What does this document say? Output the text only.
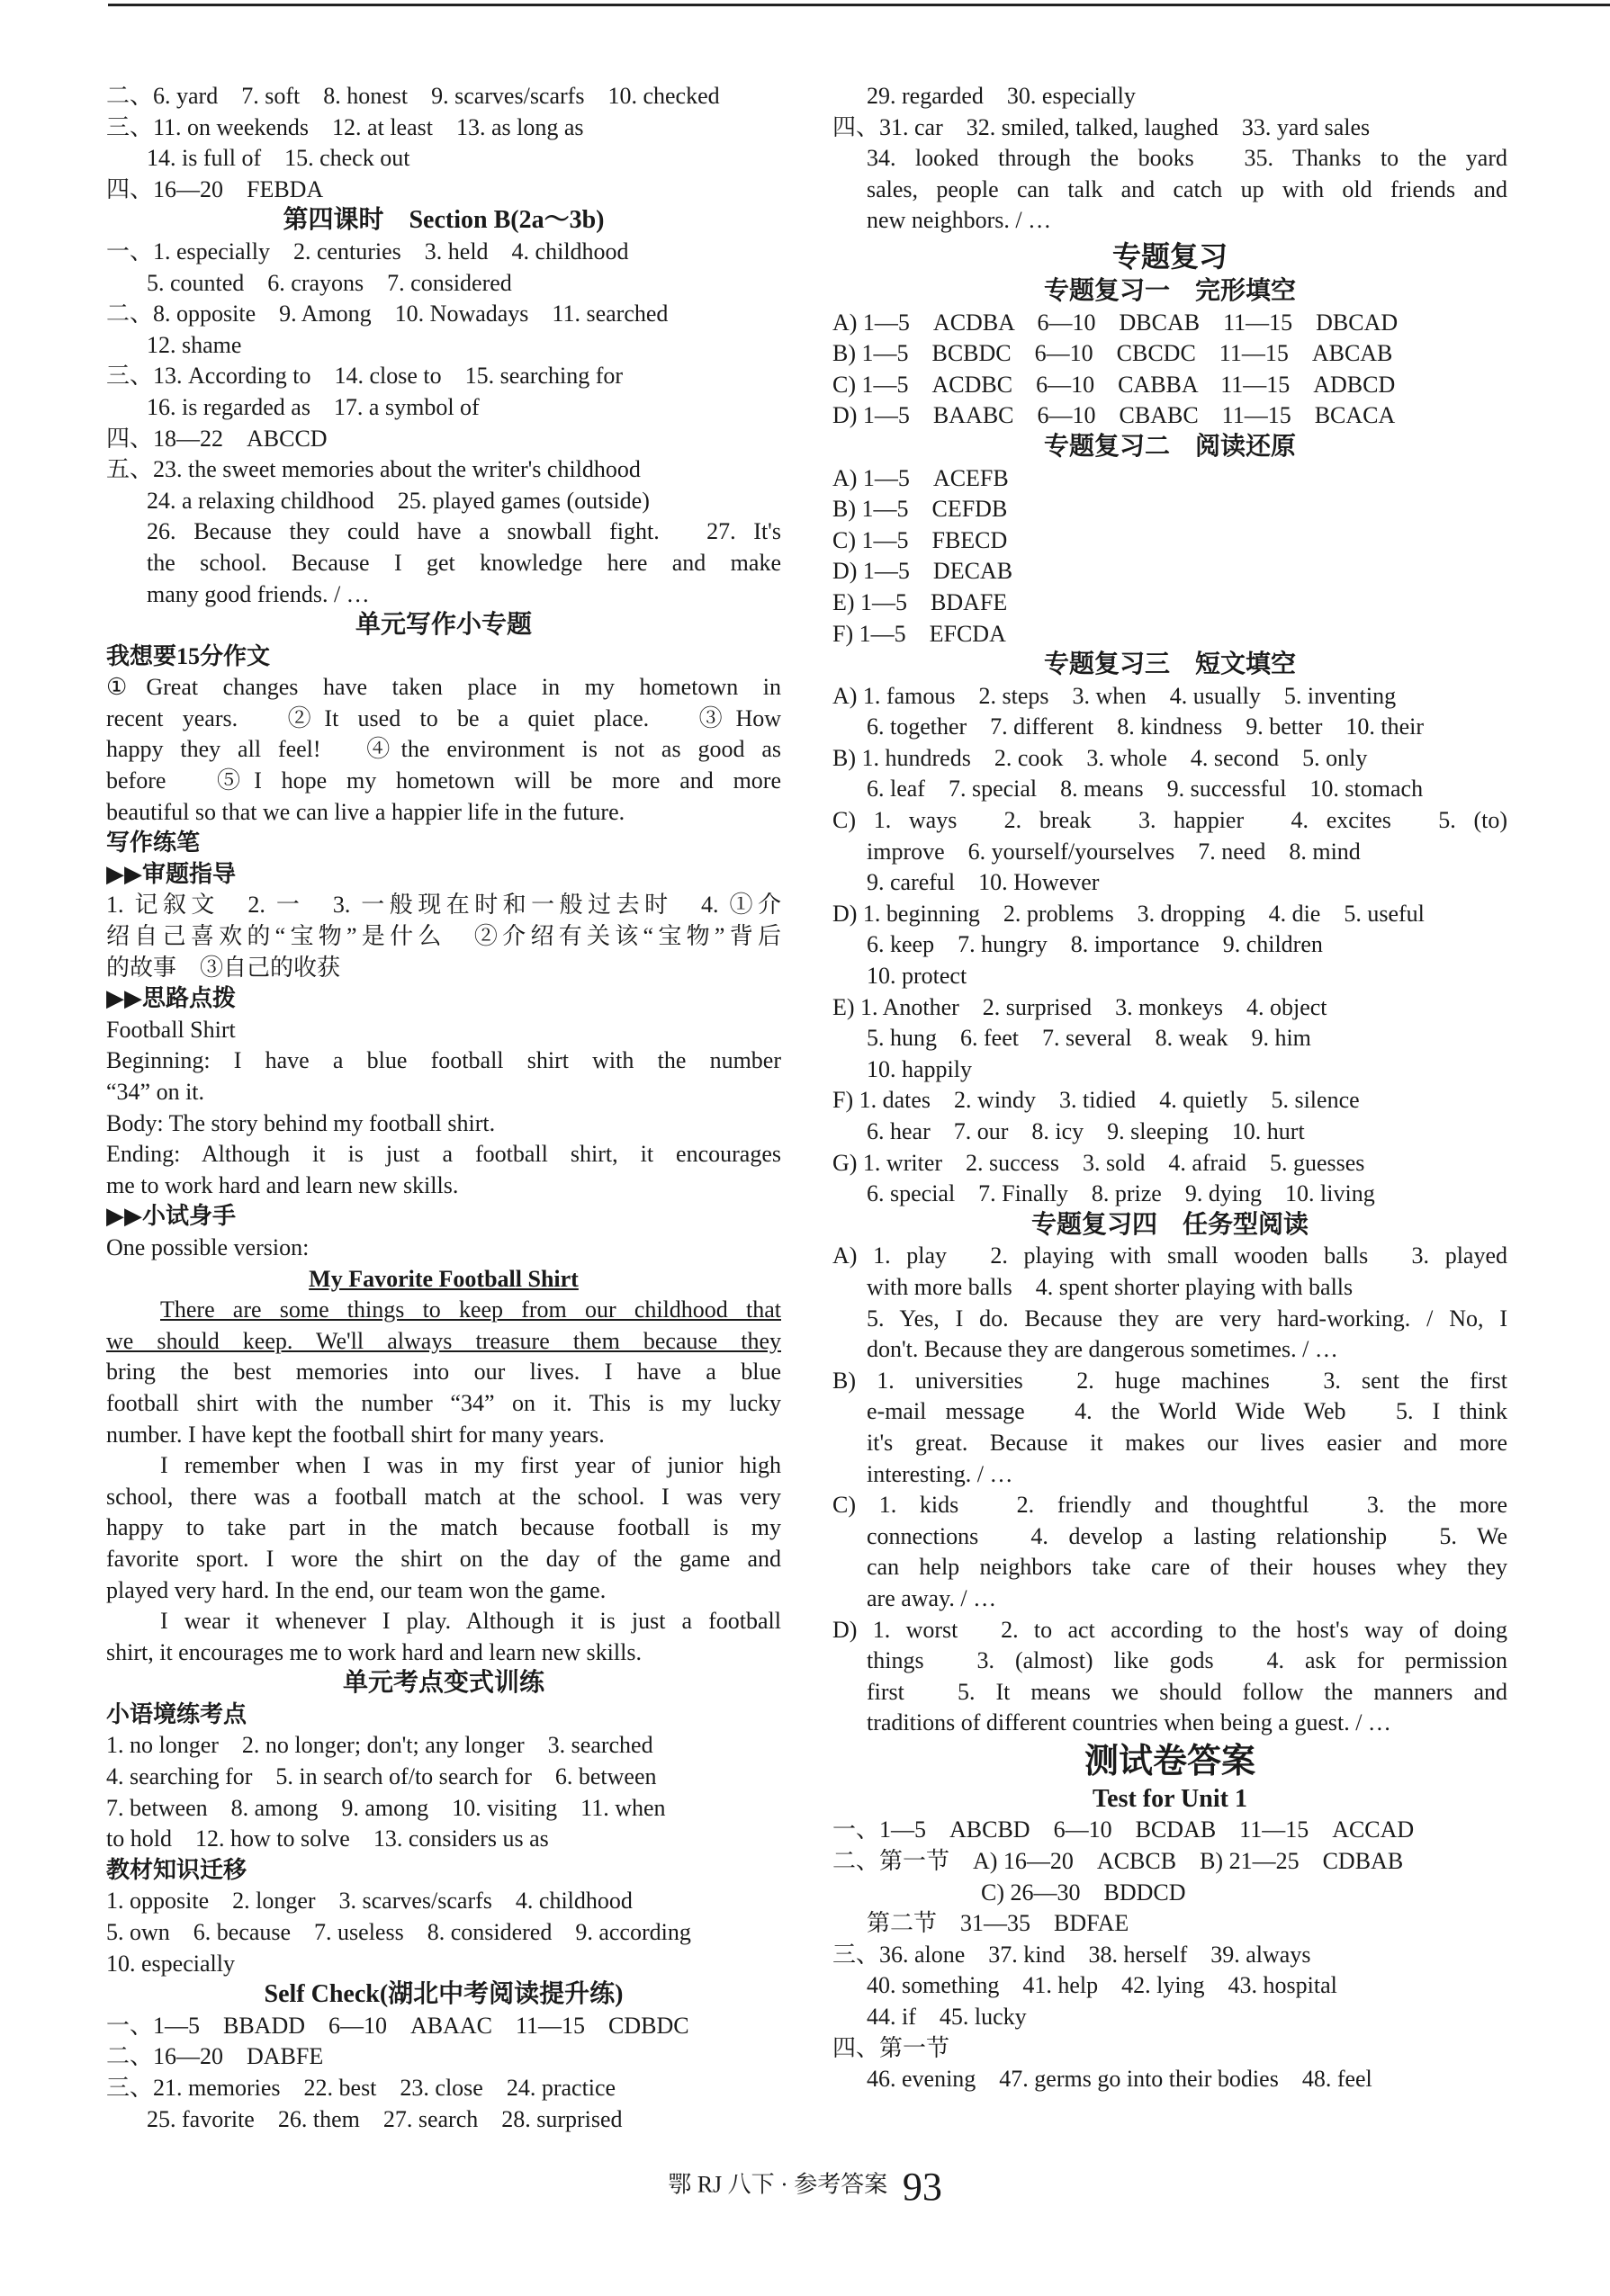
二、6. yard　7. soft　8. honest　9. scarves/scarfs　10. checked
三、11. on weekends　12. at least　13. as long as
14. is full of　15. check out
四、16—20　FEBDA
第四课时　Section B(2a～3b)
一、1. especially　2. centuries　3. held　4. childhood
5. counted　6. crayons　7. considered
二、8. opposite　9. Among　10. Nowadays　11. searched
12. shame
三、13. According to　14. close to　15. searching for
16. is regarded as　17. a symbol of
四、18—22　ABCCD
五、23. the sweet memories about the writer's childhood
24. a relaxing childhood　25. played games (outside)
26. Because they could have a snowball fight.　27. It's
the school. Because I get knowledge here and make
many good friends. / …
单元写作小专题
我想要15分作文
①Great changes have taken place in my hometown in
recent years.　②It used to be a quiet place.　③How
happy they all feel!　④the environment is not as good as
before　⑤I hope my hometown will be more and more
beautiful so that we can live a happier life in the future.
写作练笔
▶▶审题指导
1. 记叙文　2. 一　3. 一般现在时和一般过去时　4. ①介
绍自己喜欢的“宝物”是什么　②介绍有关该“宝物”背后
的故事　③自己的收获
▶▶思路点拨
Football Shirt
Beginning: I have a blue football shirt with the number
“34” on it.
Body: The story behind my football shirt.
Ending: Although it is just a football shirt, it encourages
me to work hard and learn new skills.
▶▶小试身手
One possible version:
My Favorite Football Shirt
There are some things to keep from our childhood that
we should keep. We'll always treasure them because they
bring the best memories into our lives. I have a blue
football shirt with the number “34” on it. This is my lucky
number. I have kept the football shirt for many years.
I remember when I was in my first year of junior high
school, there was a football match at the school. I was very
happy to take part in the match because football is my
favorite sport. I wore the shirt on the day of the game and
played very hard. In the end, our team won the game.
I wear it whenever I play. Although it is just a football
shirt, it encourages me to work hard and learn new skills.
单元考点变式训练
小语境练考点
1. no longer　2. no longer; don't; any longer　3. searched
4. searching for　5. in search of/to search for　6. between
7. between　8. among　9. among　10. visiting　11. when
to hold　12. how to solve　13. considers us as
教材知识迁移
1. opposite　2. longer　3. scarves/scarfs　4. childhood
5. own　6. because　7. useless　8. considered　9. according
10. especially
Self Check(湖北中考阅读提升练)
一、1—5　BBADD　6—10　ABAAC　11—15　CDBDC
二、16—20　DABFE
三、21. memories　22. best　23. close　24. practice
25. favorite　26. them　27. search　28. surprised
29. regarded　30. especially
四、31. car　32. smiled, talked, laughed　33. yard sales
34. looked through the books　35. Thanks to the yard
sales, people can talk and catch up with old friends and
new neighbors. / …
专题复习
专题复习一　完形填空
A) 1—5　ACDBA　6—10　DBCAB　11—15　DBCAD
B) 1—5　BCBDC　6—10　CBCDC　11—15　ABCAB
C) 1—5　ACDBC　6—10　CABBA　11—15　ADBCD
D) 1—5　BAABC　6—10　CBABC　11—15　BCACA
专题复习二　阅读还原
A) 1—5　ACEFB
B) 1—5　CEFDB
C) 1—5　FBECD
D) 1—5　DECAB
E) 1—5　BDAFE
F) 1—5　EFCDA
专题复习三　短文填空
A) 1. famous　2. steps　3. when　4. usually　5. inventing
6. together　7. different　8. kindness　9. better　10. their
B) 1. hundreds　2. cook　3. whole　4. second　5. only
6. leaf　7. special　8. means　9. successful　10. stomach
C) 1. ways　2. break　3. happier　4. excites　5. (to)
improve　6. yourself/yourselves　7. need　8. mind
9. careful　10. However
D) 1. beginning　2. problems　3. dropping　4. die　5. useful
6. keep　7. hungry　8. importance　9. children
10. protect
E) 1. Another　2. surprised　3. monkeys　4. object
5. hung　6. feet　7. several　8. weak　9. him
10. happily
F) 1. dates　2. windy　3. tidied　4. quietly　5. silence
6. hear　7. our　8. icy　9. sleeping　10. hurt
G) 1. writer　2. success　3. sold　4. afraid　5. guesses
6. special　7. Finally　8. prize　9. dying　10. living
专题复习四　任务型阅读
A) 1. play　2. playing with small wooden balls　3. played
with more balls　4. spent shorter playing with balls
5. Yes, I do. Because they are very hard-working. / No, I
don't. Because they are dangerous sometimes. / …
B) 1. universities　2. huge machines　3. sent the first
e-mail message　4. the World Wide Web　5. I think
it's great. Because it makes our lives easier and more
interesting. / …
C) 1. kids　2. friendly and thoughtful　3. the more
connections　4. develop a lasting relationship　5. We
can help neighbors take care of their houses whey they
are away. / …
D) 1. worst　2. to act according to the host's way of doing
things　3. (almost) like gods　4. ask for permission
first　5. It means we should follow the manners and
traditions of different countries when being a guest. / …
测试卷答案
Test for Unit 1
一、1—5　ABCBD　6—10　BCDAB　11—15　ACCAD
二、第一节　A) 16—20　ACBCB　B) 21—25　CDBAB
C) 26—30　BDDCD
第二节　31—35　BDFAE
三、36. alone　37. kind　38. herself　39. always
40. something　41. help　42. lying　43. hospital
44. if　45. lucky
四、第一节
46. evening　47. germs go into their bodies　48. feel
鄂 RJ 八下 · 参考答案 93
